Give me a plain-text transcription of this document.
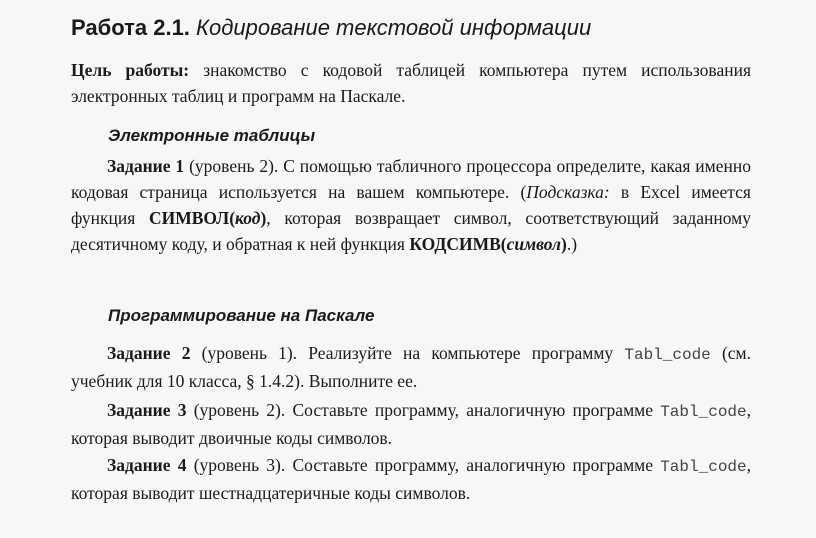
Работа 2.1. Кодирование текстовой информации

Цель работы: знакомство с кодовой таблицей компьютера путем использования электронных таблиц и программ на Паскале.

Электронные таблицы

Задание 1 (уровень 2). С помощью табличного процессора определите, какая именно кодовая страница используется на вашем компьютере. (Подсказка: в Excel имеется функция СИМВОЛ(код), которая возвращает символ, соответствующий заданному десятичному коду, и обратная к ней функция КОДСИМВ(символ).)

Программирование на Паскале

Задание 2 (уровень 1). Реализуйте на компьютере программу Tabl_code (см. учебник для 10 класса, § 1.4.2). Выполните ее.

Задание 3 (уровень 2). Составьте программу, аналогичную программе Tabl_code, которая выводит двоичные коды символов.

Задание 4 (уровень 3). Составьте программу, аналогичную программе Tabl_code, которая выводит шестнадцатеричные коды символов.
